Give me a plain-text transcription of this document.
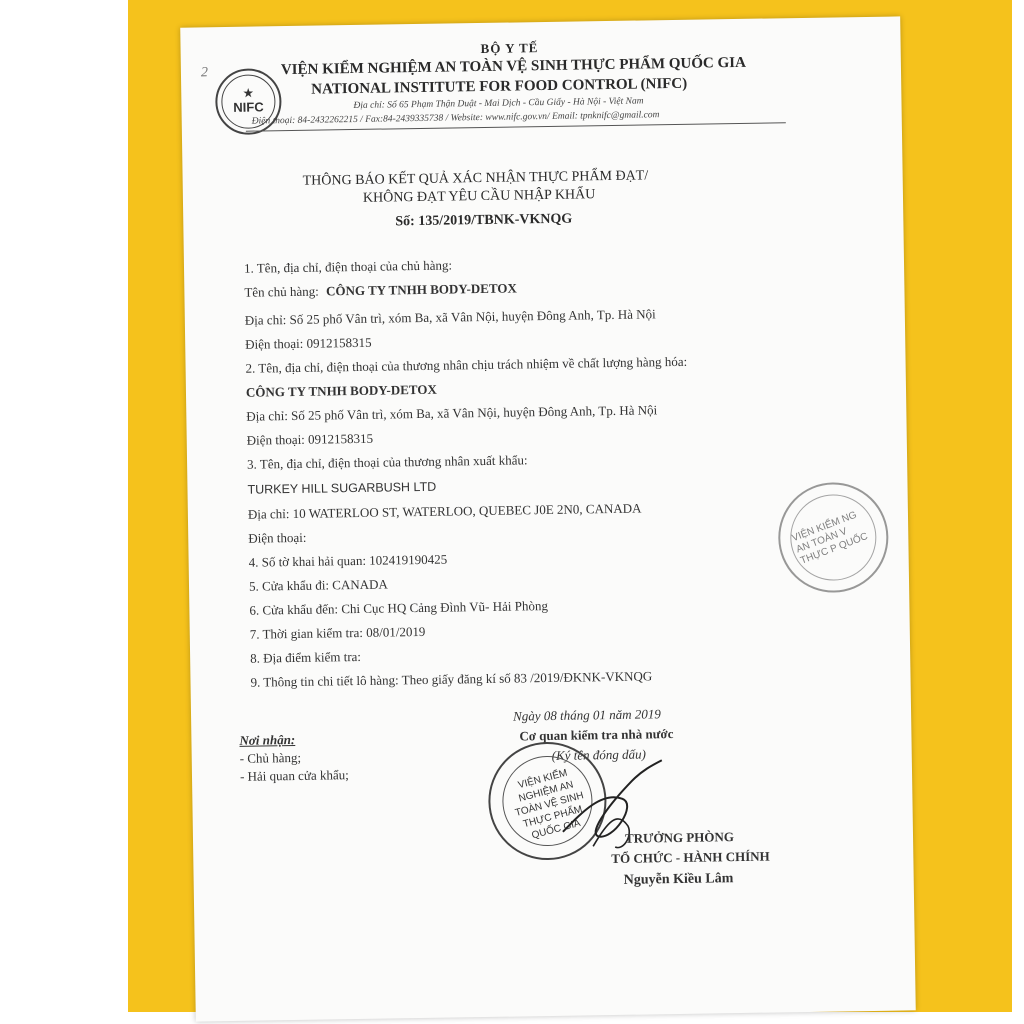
2
★
NIFC
BỘ Y TẾ
VIỆN KIỂM NGHIỆM AN TOÀN VỆ SINH THỰC PHẨM QUỐC GIA
NATIONAL INSTITUTE FOR FOOD CONTROL (NIFC)
Địa chỉ: Số 65 Phạm Thận Duật - Mai Dịch - Cầu Giấy - Hà Nội - Việt Nam
Điện thoại: 84-2432262215 / Fax:84-2439335738 / Website: www.nifc.gov.vn/ Email: tpnknifc@gmail.com
THÔNG BÁO KẾT QUẢ XÁC NHẬN THỰC PHẨM ĐẠT/
KHÔNG ĐẠT YÊU CẦU NHẬP KHẨU
Số: 135/2019/TBNK-VKNQG
1. Tên, địa chỉ, điện thoại của chủ hàng:
Tên chủ hàng: CÔNG TY TNHH BODY-DETOX
Địa chỉ: Số 25 phố Vân trì, xóm Ba, xã Vân Nội, huyện Đông Anh, Tp. Hà Nội
Điện thoại: 0912158315
2. Tên, địa chỉ, điện thoại của thương nhân chịu trách nhiệm về chất lượng hàng hóa:
CÔNG TY TNHH BODY-DETOX
Địa chỉ: Số 25 phố Vân trì, xóm Ba, xã Vân Nội, huyện Đông Anh, Tp. Hà Nội
Điện thoại: 0912158315
3. Tên, địa chỉ, điện thoại của thương nhân xuất khẩu:
TURKEY HILL SUGARBUSH LTD
Địa chỉ: 10 WATERLOO ST, WATERLOO, QUEBEC J0E 2N0, CANADA
Điện thoại:
4. Số tờ khai hải quan: 102419190425
5. Cửa khẩu đi: CANADA
6. Cửa khẩu đến: Chi Cục HQ Cảng Đình Vũ- Hải Phòng
7. Thời gian kiểm tra: 08/01/2019
8. Địa điểm kiểm tra:
9. Thông tin chi tiết lô hàng: Theo giấy đăng kí số 83 /2019/ĐKNK-VKNQG
Ngày 08 tháng 01 năm 2019
Cơ quan kiểm tra nhà nước
(Ký tên đóng dấu)
Nơi nhận:
- Chủ hàng;
- Hải quan cửa khẩu;	VIỆN KIỂM NGHIỆM AN TOÀN VỆ SINH THỰC PHẨM QUỐC GIA	TRƯỞNG PHÒNG
TỔ CHỨC - HÀNH CHÍNH
Nguyễn Kiều Lâm
VIỆN KIỂM NG AN TOÀN V THỰC P QUỐC
